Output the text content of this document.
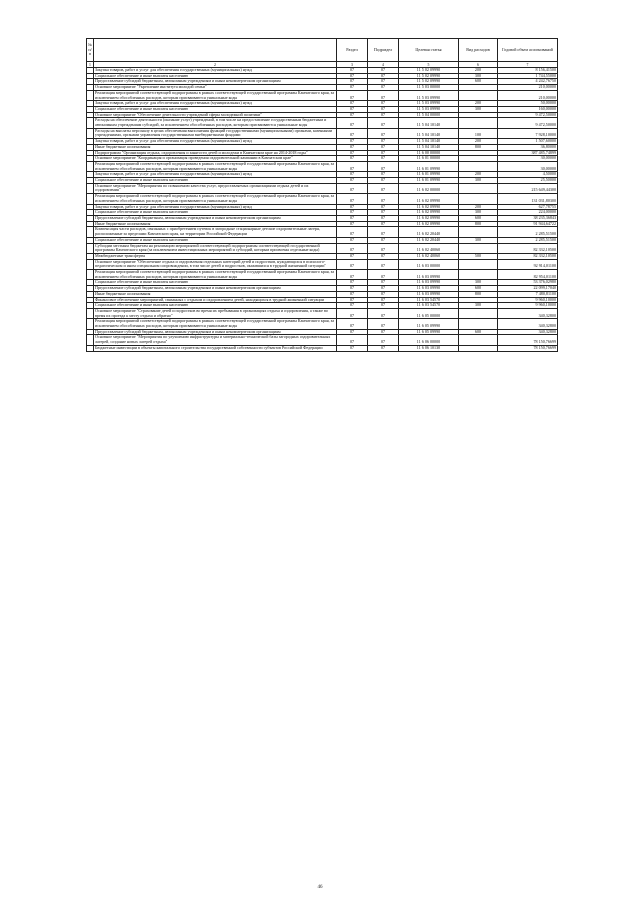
№ п/п		Раздел	Подраздел	Целевая статья	Вид расходов	Годовой объем ассигнований
1	2	3	4	5	6	7
	Закупка товаров, работ и услуг для обеспечения государственных (муниципальных) нужд	07	07	11 5 02 09990	200	8 156,41500
	Социальное обеспечение и иные выплаты населению	07	07	11 5 02 09990	300	1 744,55000
	Предоставление субсидий бюджетным, автономным учреждениям и иным некоммерческим организациям	07	07	11 5 02 09990	600	4 242,76750
	Основное мероприятие "Укрепление института молодой семьи"	07	07	11 5 03 00000		210,00000
	Реализация мероприятий соответствующей подпрограммы в рамках соответствующей государственной программы Камчатского края, за исключением обособленных расходов, которым присваиваются уникальные коды	07	07	11 5 03 09990		210,00000
	Закупка товаров, работ и услуг для обеспечения государственных (муниципальных) нужд	07	07	11 5 03 09990	200	50,00000
	Социальное обеспечение и иные выплаты населению	07	07	11 5 03 09990	300	160,00000
	Основное мероприятие "Обеспечение деятельности учреждений сферы молодежной политики"	07	07	11 5 04 00000		9 472,50000
	Расходы на обеспечение деятельности (оказание услуг) учреждений, в том числе на предоставление государственным бюджетным и автономным учреждениям субсидий, за исключением обособленных расходов, которым присваиваются уникальные коды	07	07	11 5 04 10140		9 472,50000
	Расходы на выплаты персоналу в целях обеспечения выполнения функций государственными (муниципальными) органами, казенными учреждениями, органами управления государственными внебюджетными фондами	07	07	11 5 04 10140	100	7 928,10000
	Закупка товаров, работ и услуг для обеспечения государственных (муниципальных) нужд	07	07	11 5 04 10140	200	1 507,60000
	Иные бюджетные ассигнования	07	07	11 5 04 10140	800	36,80000
	Подпрограмма "Организация отдыха, оздоровления и занятости детей и молодежи в Камчатском крае на 2014-2018 годы"	07	07	11 6 00 00000		387 485,74899
	Основное мероприятие "Координация и организация проведения оздоровительной кампании в Камчатском крае"	07	07	11 6 01 00000		30,00000
	Реализация мероприятий соответствующей подпрограммы в рамках соответствующей государственной программы Камчатского края, за исключением обособленных расходов, которым присваиваются уникальные коды	07	07	11 6 01 09990		30,00000
	Закупка товаров, работ и услуг для обеспечения государственных (муниципальных) нужд	07	07	11 6 01 09990	200	4,50000
	Социальное обеспечение и иные выплаты населению	07	07	11 6 01 09990	300	25,50000
	Основное мероприятие "Мероприятия по повышению качества услуг, предоставляемых организациями отдыха детей и их оздоровления"	07	07	11 6 02 00000		215 649,44300
	Реализация мероприятий соответствующей подпрограммы в рамках соответствующей государственной программы Камчатского края, за исключением обособленных расходов, которым присваиваются уникальные коды	07	07	11 6 02 09990		131 031,80300
	Закупка товаров, работ и услуг для обеспечения государственных (муниципальных) нужд	07	07	11 6 02 09990	200	627,78755
	Социальное обеспечение и иные выплаты населению	07	07	11 6 02 09990	300	224,00000
	Предоставление субсидий бюджетным, автономным учреждениям и иным некоммерческим организациям	07	07	11 6 02 09990	600	38 235,36843
	Иные бюджетные ассигнования	07	07	11 6 02 09990	800	91 944,64722
	Компенсация части расходов, связанных с приобретением путевок в загородные стационарные детские оздоровительные лагеря, расположенные за пределами Камчатского края, на территории Российской Федерации	07	07	11 6 02 20440		2 285,51500
	Социальное обеспечение и иные выплаты населению	07	07	11 6 02 20440	300	2 285,51500
	Субсидии местным бюджетам на реализацию мероприятий соответствующей подпрограммы соответствующей государственной программы Камчатского края (за исключением инвестиционных мероприятий и субсидий, которым присвоены отдельные коды)	07	07	11 6 02 40060		82 332,10500
	Межбюджетные трансферты	07	07	11 6 02 40060	500	82 332,10500
	Основное мероприятие "Обеспечение отдыха и оздоровления отдельных категорий детей и подростков, нуждающихся в психолого-педагогическом и ином специальном сопровождении, в том числе детей и подростков, оказавшихся в трудной жизненной ситуации"	07	07	11 6 03 00000		92 914,01100
	Реализация мероприятий соответствующей подпрограммы в рамках соответствующей государственной программы Камчатского края, за исключением обособленных расходов, которым присваиваются уникальные коды	07	07	11 6 03 09990		82 954,01100
	Социальное обеспечение и иные выплаты населению	07	07	11 6 03 09990	300	53 376,02980
	Предоставление субсидий бюджетным, автономным учреждениям и иным некоммерческим организациям	07	07	11 6 03 09990	600	22 099,17040
	Иные бюджетные ассигнования	07	07	11 6 03 09990	800	7 480,81100
	Финансовое обеспечение мероприятий, связанных с отдыхом и оздоровлением детей, находящихся в трудной жизненной ситуации	07	07	11 6 03 54570		9 960,10000
	Социальное обеспечение и иные выплаты населению	07	07	11 6 03 54570	300	9 960,10000
	Основное мероприятие "Страхование детей и подростков во время их пребывания в организациях отдыха и оздоровления, а также во время их проезда к месту отдыха и обратно"	07	07	11 6 05 00000		340,32800
	Реализация мероприятий соответствующей подпрограммы в рамках соответствующей государственной программы Камчатского края, за исключением обособленных расходов, которым присваиваются уникальные коды	07	07	11 6 05 09990		340,32800
	Предоставление субсидий бюджетным, автономным учреждениям и иным некоммерческим организациям	07	07	11 6 05 09990	600	340,32800
	Основное мероприятие "Мероприятия по улучшению инфраструктуры и материально-технической базы загородных оздоровительных лагерей, создание новых лагерей отдыха"	07	07	11 6 06 00000		78 150,76699
	Бюджетные инвестиции в объекты капитального строительства государственной собственности субъектов Российской Федерации	07	07	11 6 06 10130		78 150,76699
46
